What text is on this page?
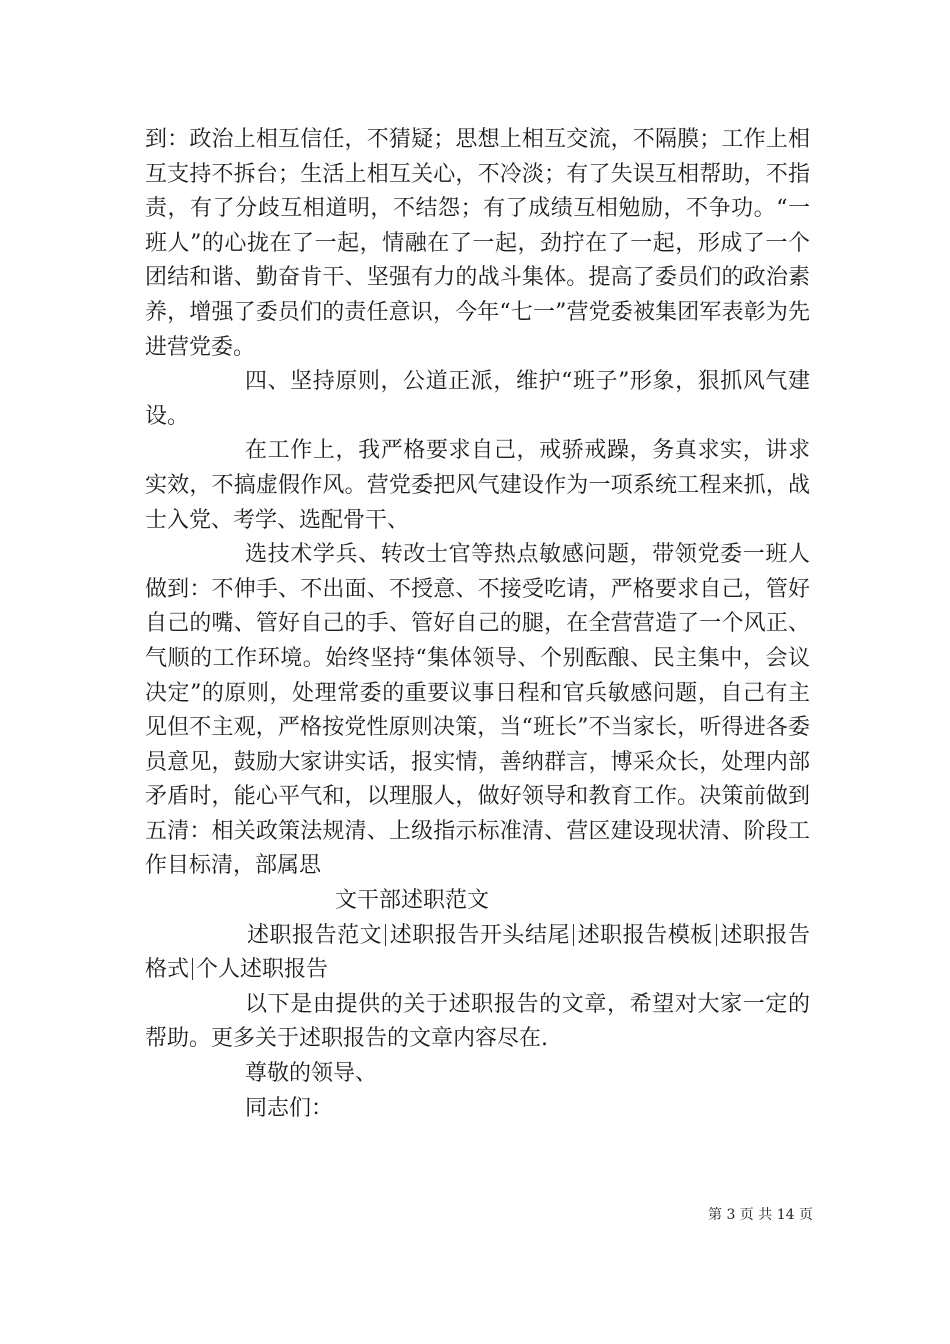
到：政治上相互信任，不猜疑；思想上相互交流，不隔膜；工作上相互支持不拆台；生活上相互关心，不冷淡；有了失误互相帮助，不指责，有了分歧互相道明，不结怨；有了成绩互相勉励，不争功。“一班人”的心拢在了一起，情融在了一起，劲拧在了一起，形成了一个团结和谐、勤奋肯干、坚强有力的战斗集体。提高了委员们的政治素养，增强了委员们的责任意识，今年“七一”营党委被集团军表彰为先进营党委。

四、坚持原则，公道正派，维护“班子”形象，狠抓风气建设。

在工作上，我严格要求自己，戒骄戒躁，务真求实，讲求实效，不搞虚假作风。营党委把风气建设作为一项系统工程来抓，战士入党、考学、选配骨干、

选技术学兵、转改士官等热点敏感问题，带领党委一班人做到：不伸手、不出面、不授意、不接受吃请，严格要求自己，管好自己的嘴、管好自己的手、管好自己的腿，在全营营造了一个风正、气顺的工作环境。始终坚持“集体领导、个别酝酿、民主集中，会议决定”的原则，处理常委的重要议事日程和官兵敏感问题，自己有主见但不主观，严格按党性原则决策，当“班长”不当家长，听得进各委员意见，鼓励大家讲实话，报实情，善纳群言，博采众长，处理内部矛盾时，能心平气和，以理服人，做好领导和教育工作。决策前做到五清：相关政策法规清、上级指示标准清、营区建设现状清、阶段工作目标清，部属思

文干部述职范文

述职报告范文 述职报告开头结尾 述职报告模板 述职报告格式 个人述职报告

以下是由提供的关于述职报告的文章，希望对大家一定的帮助。更多关于述职报告的文章内容尽在.

尊敬的领导、

同志们：

第 3 页 共 14 页
